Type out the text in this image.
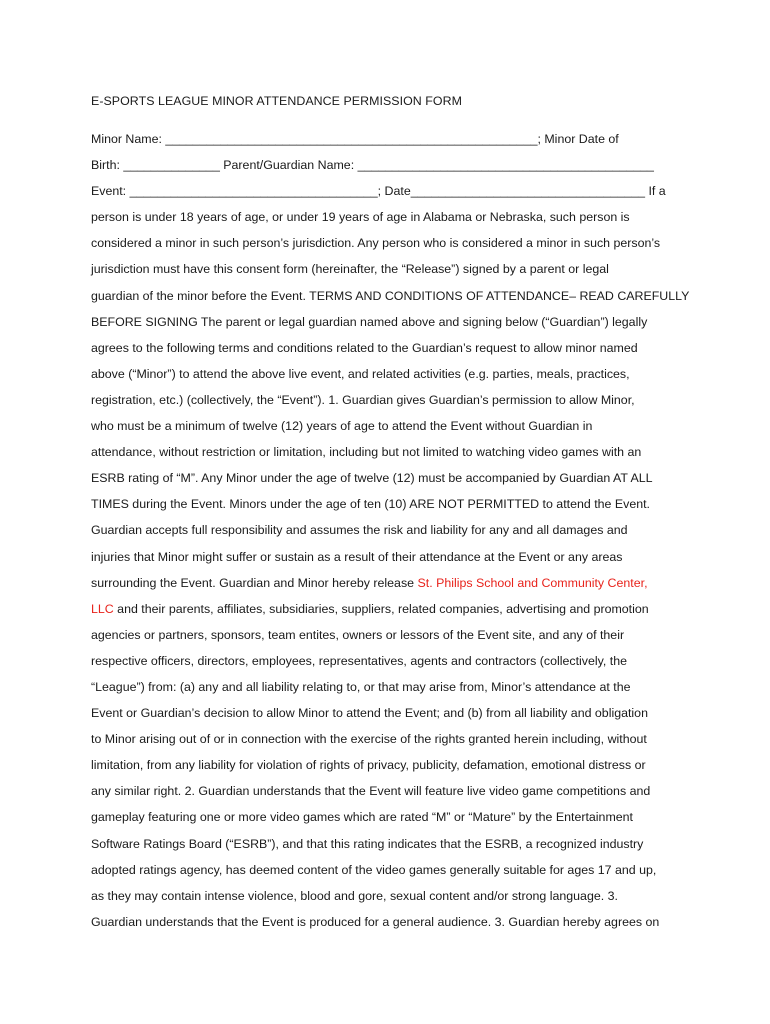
E-SPORTS LEAGUE MINOR ATTENDANCE PERMISSION FORM
Minor Name: ______________________________________________________; Minor Date of
Birth: ______________ Parent/Guardian Name: ___________________________________________
Event: ____________________________________; Date__________________________________ If a
person is under 18 years of age, or under 19 years of age in Alabama or Nebraska, such person is
considered a minor in such person’s jurisdiction. Any person who is considered a minor in such person’s
jurisdiction must have this consent form (hereinafter, the “Release”) signed by a parent or legal
guardian of the minor before the Event. TERMS AND CONDITIONS OF ATTENDANCE– READ CAREFULLY
BEFORE SIGNING The parent or legal guardian named above and signing below (“Guardian”) legally
agrees to the following terms and conditions related to the Guardian’s request to allow minor named
above (“Minor”) to attend the above live event, and related activities (e.g. parties, meals, practices,
registration, etc.) (collectively, the “Event”). 1. Guardian gives Guardian’s permission to allow Minor,
who must be a minimum of twelve (12) years of age to attend the Event without Guardian in
attendance, without restriction or limitation, including but not limited to watching video games with an
ESRB rating of “M”. Any Minor under the age of twelve (12) must be accompanied by Guardian AT ALL
TIMES during the Event. Minors under the age of ten (10) ARE NOT PERMITTED to attend the Event.
Guardian accepts full responsibility and assumes the risk and liability for any and all damages and
injuries that Minor might suffer or sustain as a result of their attendance at the Event or any areas
surrounding the Event. Guardian and Minor hereby release St. Philips School and Community Center,
LLC and their parents, affiliates, subsidiaries, suppliers, related companies, advertising and promotion
agencies or partners, sponsors, team entites, owners or lessors of the Event site, and any of their
respective officers, directors, employees, representatives, agents and contractors (collectively, the
“League”) from: (a) any and all liability relating to, or that may arise from, Minor’s attendance at the
Event or Guardian’s decision to allow Minor to attend the Event; and (b) from all liability and obligation
to Minor arising out of or in connection with the exercise of the rights granted herein including, without
limitation, from any liability for violation of rights of privacy, publicity, defamation, emotional distress or
any similar right. 2. Guardian understands that the Event will feature live video game competitions and
gameplay featuring one or more video games which are rated “M” or “Mature” by the Entertainment
Software Ratings Board (“ESRB”), and that this rating indicates that the ESRB, a recognized industry
adopted ratings agency, has deemed content of the video games generally suitable for ages 17 and up,
as they may contain intense violence, blood and gore, sexual content and/or strong language. 3.
Guardian understands that the Event is produced for a general audience. 3. Guardian hereby agrees on
